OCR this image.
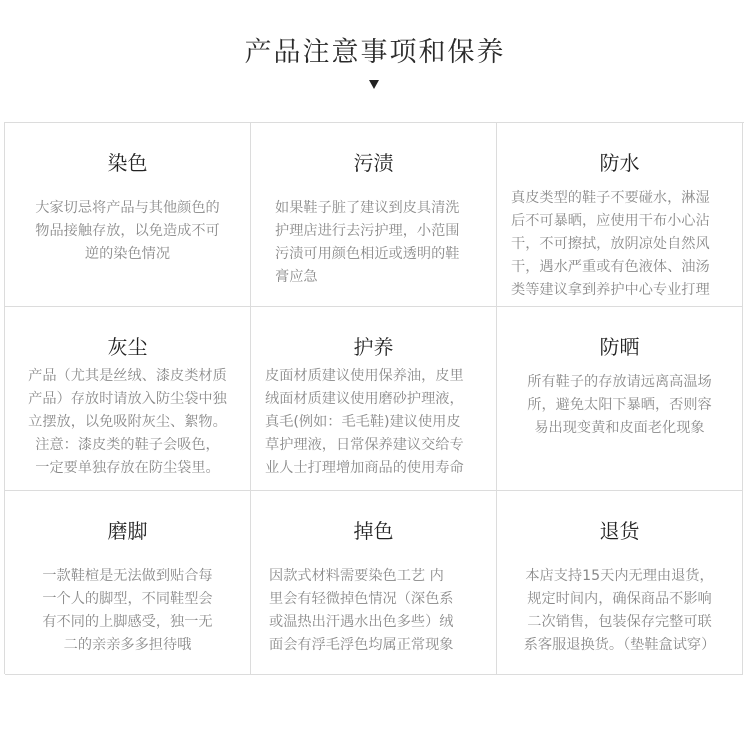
产品注意事项和保养
染色
大家切忌将产品与其他颜色的
物品接触存放，以免造成不可
逆的染色情况
污渍
如果鞋子脏了建议到皮具清洗
护理店进行去污护理，小范围
污渍可用颜色相近或透明的鞋
膏应急
防水
真皮类型的鞋子不要碰水，淋湿
后不可暴晒，应使用干布小心沾
干，不可擦拭，放阴凉处自然风
干，遇水严重或有色液体、油汤
类等建议拿到养护中心专业打理
灰尘
产品（尤其是丝绒、漆皮类材质
产品）存放时请放入防尘袋中独
立摆放，以免吸附灰尘、絮物。
注意：漆皮类的鞋子会吸色，
一定要单独存放在防尘袋里。
护养
皮面材质建议使用保养油，皮里
绒面材质建议使用磨砂护理液，
真毛(例如：毛毛鞋)建议使用皮
草护理液，日常保养建议交给专
业人士打理增加商品的使用寿命
防晒
所有鞋子的存放请远离高温场
所，避免太阳下暴晒，否则容
易出现变黄和皮面老化现象
磨脚
一款鞋楦是无法做到贴合每
一个人的脚型，不同鞋型会
有不同的上脚感受，独一无
二的亲亲多多担待哦
掉色
因款式材料需要染色工艺 内
里会有轻微掉色情况（深色系
或温热出汗遇水出色多些）绒
面会有浮毛浮色均属正常现象
退货
本店支持15天内无理由退货，
规定时间内，确保商品不影响
二次销售，包装保存完整可联
系客服退换货。（垫鞋盒试穿）
